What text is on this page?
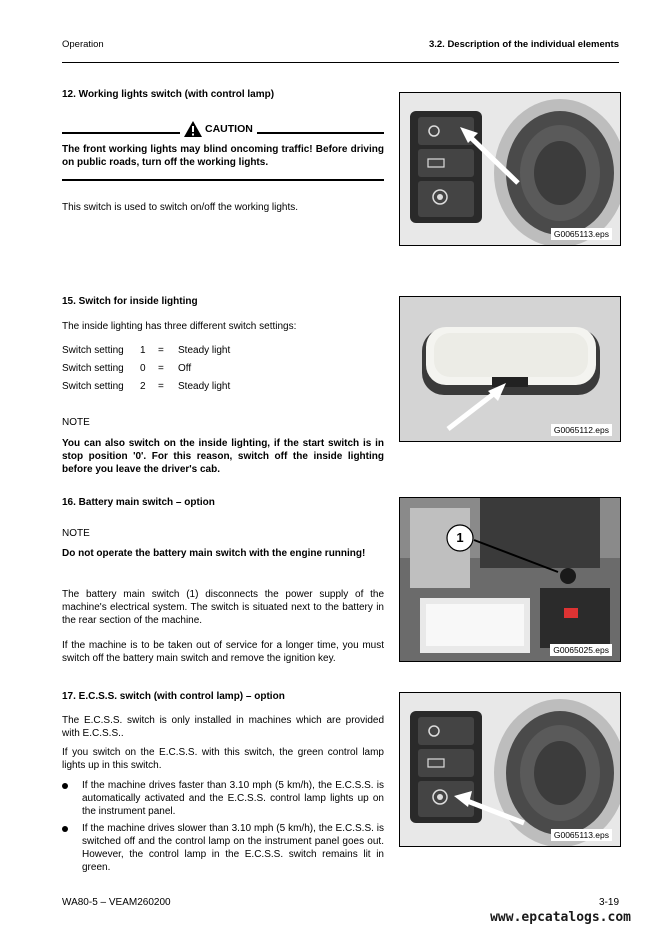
Operation	3.2. Description of the individual elements
12. Working lights switch (with control lamp)
CAUTION
The front working lights may blind oncoming traffic! Before driving on public roads, turn off the working lights.
This switch is used to switch on/off the working lights.
G0065113.eps
15. Switch for inside lighting
The inside lighting has three different switch settings:
Switch setting	1	=	Steady light
Switch setting	0	=	Off
Switch setting	2	=	Steady light
NOTE
You can also switch on the inside lighting, if the start switch is in stop position '0'. For this reason, switch off the inside lighting before you leave the driver's cab.
G0065112.eps
16. Battery main switch – option
NOTE
Do not operate the battery main switch with the engine running!
The battery main switch (1) disconnects the power supply of the machine's electrical system. The switch is situated next to the battery in the rear section of the machine.
If the machine is to be taken out of service for a longer time, you must switch off the battery main switch and remove the ignition key.
1
G0065025.eps
17. E.C.S.S. switch (with control lamp) – option
The E.C.S.S. switch is only installed in machines which are provided with E.C.S.S..
If you switch on the E.C.S.S. with this switch, the green control lamp lights up in this switch.
If the machine drives faster than 3.10 mph (5 km/h), the E.C.S.S. is automatically activated and the E.C.S.S. control lamp lights up on the instrument panel.
If the machine drives slower than 3.10 mph (5 km/h), the E.C.S.S. is switched off and the control lamp on the instrument panel goes out. However, the control lamp in the E.C.S.S. switch remains lit in green.
G0065113.eps
WA80-5 – VEAM260200	3-19
www.epcatalogs.com
